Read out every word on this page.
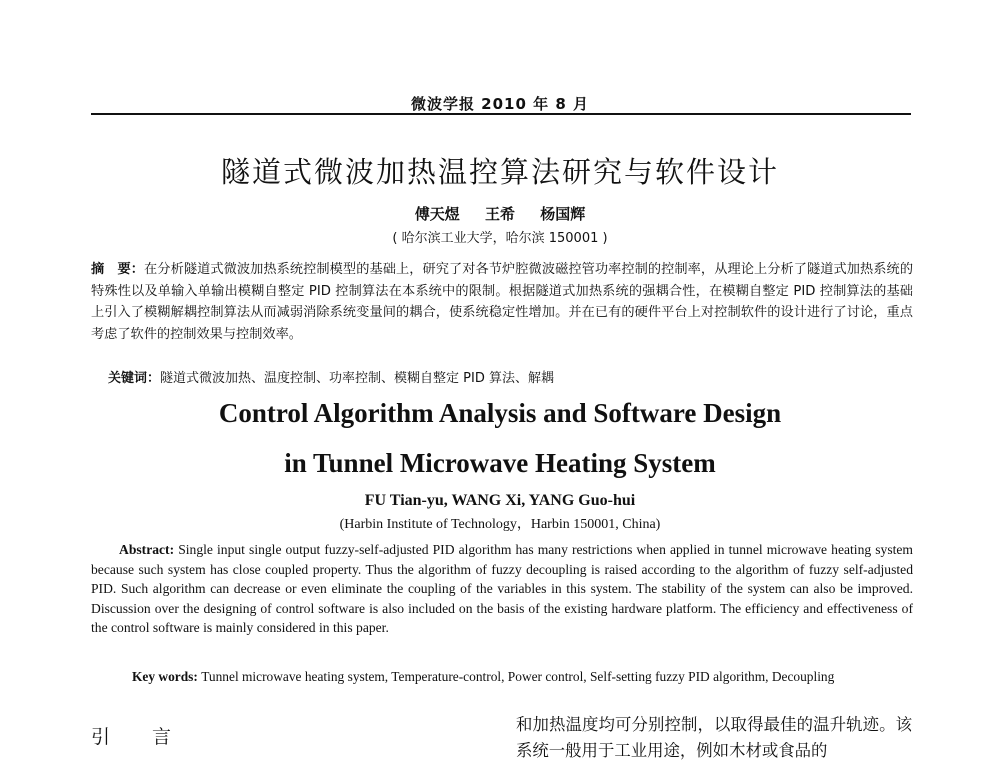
微波学报 2010 年 8 月
隧道式微波加热温控算法研究与软件设计
傅天煜 王希 杨国辉
( 哈尔滨工业大学，哈尔滨 150001 )
摘　要：在分析隧道式微波加热系统控制模型的基础上，研究了对各节炉腔微波磁控管功率控制的控制率，从理论上分析了隧道式加热系统的特殊性以及单输入单输出模糊自整定 PID 控制算法在本系统中的限制。根据隧道式加热系统的强耦合性，在模糊自整定 PID 控制算法的基础上引入了模糊解耦控制算法从而减弱消除系统变量间的耦合，使系统稳定性增加。并在已有的硬件平台上对控制软件的设计进行了讨论，重点考虑了软件的控制效果与控制效率。
关键词：隧道式微波加热、温度控制、功率控制、模糊自整定 PID 算法、解耦
Control Algorithm Analysis and Software Design
in Tunnel Microwave Heating System
FU Tian-yu, WANG Xi, YANG Guo-hui
(Harbin Institute of Technology，Harbin 150001, China)
Abstract: Single input single output fuzzy-self-adjusted PID algorithm has many restrictions when applied in tunnel microwave heating system because such system has close coupled property. Thus the algorithm of fuzzy decoupling is raised according to the algorithm of fuzzy self-adjusted PID. Such algorithm can decrease or even eliminate the coupling of the variables in this system. The stability of the system can also be improved. Discussion over the designing of control software is also included on the basis of the existing hardware platform. The efficiency and effectiveness of the control software is mainly considered in this paper.
Key words: Tunnel microwave heating system, Temperature-control, Power control, Self-setting fuzzy PID algorithm, Decoupling
引 言
和加热温度均可分别控制，以取得最佳的温升轨迹。该系统一般用于工业用途，例如木材或食品的
